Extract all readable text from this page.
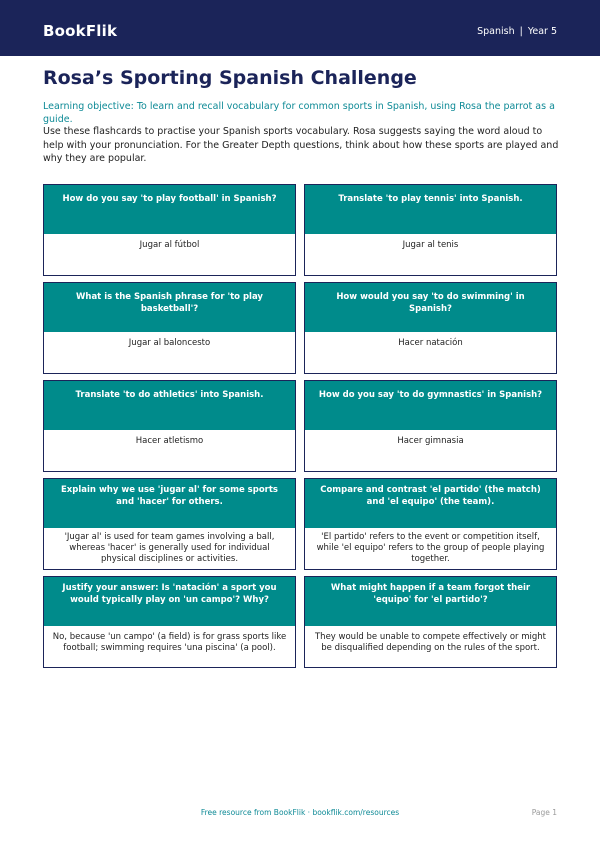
BookFlik	Spanish | Year 5
Rosa’s Sporting Spanish Challenge

Learning objective: To learn and recall vocabulary for common sports in Spanish, using Rosa the parrot as a guide.

Use these flashcards to practise your Spanish sports vocabulary. Rosa suggests saying the word aloud to help with your pronunciation. For the Greater Depth questions, think about how these sports are played and why they are popular.

How do you say 'to play football' in Spanish?
Jugar al fútbol
Translate 'to play tennis' into Spanish.
Jugar al tenis
What is the Spanish phrase for 'to play basketball'?
Jugar al baloncesto
How would you say 'to do swimming' in Spanish?
Hacer natación
Translate 'to do athletics' into Spanish.
Hacer atletismo
How do you say 'to do gymnastics' in Spanish?
Hacer gimnasia
Explain why we use 'jugar al' for some sports and 'hacer' for others.
'Jugar al' is used for team games involving a ball, whereas 'hacer' is generally used for individual physical disciplines or activities.
Compare and contrast 'el partido' (the match) and 'el equipo' (the team).
'El partido' refers to the event or competition itself, while 'el equipo' refers to the group of people playing together.
Justify your answer: Is 'natación' a sport you would typically play on 'un campo'? Why?
No, because 'un campo' (a field) is for grass sports like football; swimming requires 'una piscina' (a pool).
What might happen if a team forgot their 'equipo' for 'el partido'?
They would be unable to compete effectively or might be disqualified depending on the rules of the sport.
Free resource from BookFlik · bookflik.com/resources	Page 1
